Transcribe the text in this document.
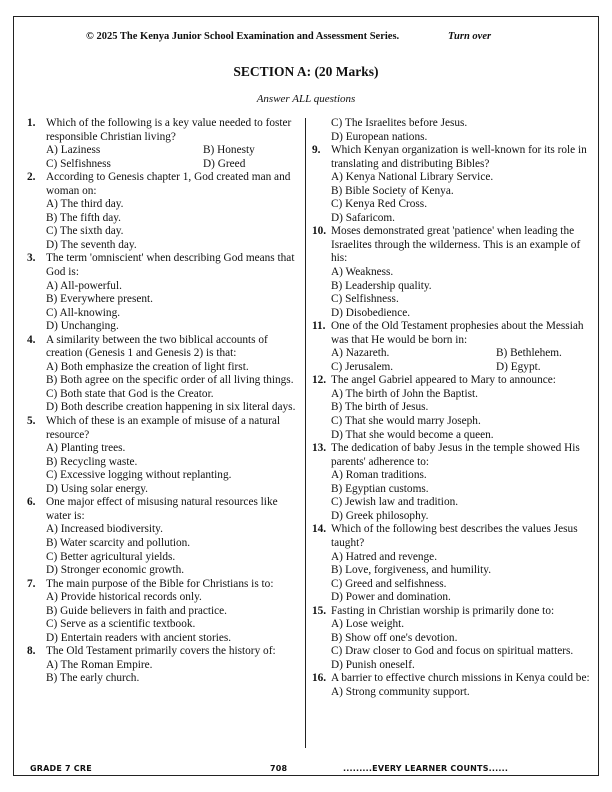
© 2025 The Kenya Junior School Examination and Assessment Series.	Turn over
SECTION A: (20 Marks)
Answer ALL questions
1. Which of the following is a key value needed to foster responsible Christian living?
A) Laziness	B) Honesty
C) Selfishness	D) Greed
2. According to Genesis chapter 1, God created man and woman on:
A) The third day.
B) The fifth day.
C) The sixth day.
D) The seventh day.
3. The term 'omniscient' when describing God means that God is:
A) All-powerful.
B) Everywhere present.
C) All-knowing.
D) Unchanging.
4. A similarity between the two biblical accounts of creation (Genesis 1 and Genesis 2) is that:
A) Both emphasize the creation of light first.
B) Both agree on the specific order of all living things.
C) Both state that God is the Creator.
D) Both describe creation happening in six literal days.
5. Which of these is an example of misuse of a natural resource?
A) Planting trees.
B) Recycling waste.
C) Excessive logging without replanting.
D) Using solar energy.
6. One major effect of misusing natural resources like water is:
A) Increased biodiversity.
B) Water scarcity and pollution.
C) Better agricultural yields.
D) Stronger economic growth.
7. The main purpose of the Bible for Christians is to:
A) Provide historical records only.
B) Guide believers in faith and practice.
C) Serve as a scientific textbook.
D) Entertain readers with ancient stories.
8. The Old Testament primarily covers the history of:
A) The Roman Empire.
B) The early church.
C) The Israelites before Jesus.
D) European nations.
9. Which Kenyan organization is well-known for its role in translating and distributing Bibles?
A) Kenya National Library Service.
B) Bible Society of Kenya.
C) Kenya Red Cross.
D) Safaricom.
10. Moses demonstrated great 'patience' when leading the Israelites through the wilderness. This is an example of his:
A) Weakness.
B) Leadership quality.
C) Selfishness.
D) Disobedience.
11. One of the Old Testament prophesies about the Messiah was that He would be born in:
A) Nazareth.	B) Bethlehem.
C) Jerusalem.	D) Egypt.
12. The angel Gabriel appeared to Mary to announce:
A) The birth of John the Baptist.
B) The birth of Jesus.
C) That she would marry Joseph.
D) That she would become a queen.
13. The dedication of baby Jesus in the temple showed His parents' adherence to:
A) Roman traditions.
B) Egyptian customs.
C) Jewish law and tradition.
D) Greek philosophy.
14. Which of the following best describes the values Jesus taught?
A) Hatred and revenge.
B) Love, forgiveness, and humility.
C) Greed and selfishness.
D) Power and domination.
15. Fasting in Christian worship is primarily done to:
A) Lose weight.
B) Show off one's devotion.
C) Draw closer to God and focus on spiritual matters.
D) Punish oneself.
16. A barrier to effective church missions in Kenya could be:
A) Strong community support.
GRADE 7 CRE	708	.........EVERY LEARNER COUNTS......
